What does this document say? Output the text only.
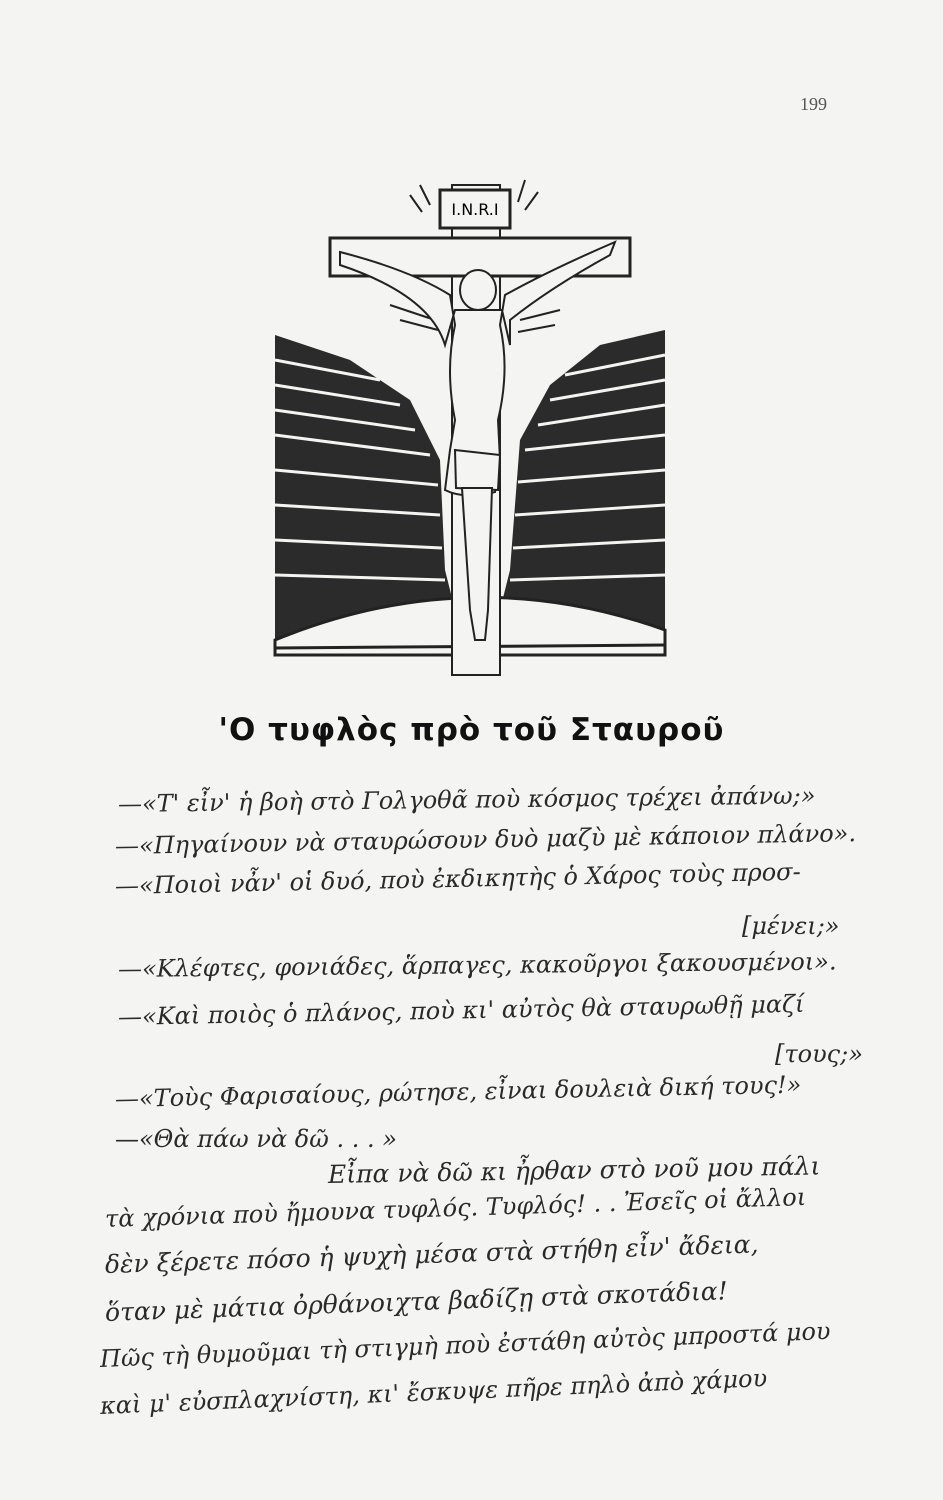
199
I.N.R.I
'Ο τυφλὸς πρὸ τοῦ Σταυροῦ
—«Τ' εἶν' ἡ βοὴ στὸ Γολγοθᾶ ποὺ κόσμος τρέχει ἀπάνω;»
—«Πηγαίνουν νὰ σταυρώσουν δυὸ μαζὺ μὲ κάποιον πλάνο».
—«Ποιοὶ νἆν' οἱ δυό, ποὺ ἐκδικητὴς ὁ Χάρος τοὺς προσ-
[μένει;»
—«Κλέφτες, φονιάδες, ἅρπαγες, κακοῦργοι ξακουσμένοι».
—«Καὶ ποιὸς ὁ πλάνος, ποὺ κι' αὐτὸς θὰ σταυρωθῇ μαζί
[τους;»
—«Τοὺς Φαρισαίους, ρώτησε, εἶναι δουλειὰ δική τους!»
—«Θὰ πάω νὰ δῶ . . . »
Εἶπα νὰ δῶ κι ἦρθαν στὸ νοῦ μου πάλι
τὰ χρόνια ποὺ ἤμουνα τυφλός. Τυφλός! . . Ἐσεῖς οἱ ἄλλοι
δὲν ξέρετε πόσο ἡ ψυχὴ μέσα στὰ στήθη εἶν' ἄδεια,
ὅταν μὲ μάτια ὀρθάνοιχτα βαδίζῃ στὰ σκοτάδια!
Πῶς τὴ θυμοῦμαι τὴ στιγμὴ ποὺ ἐστάθη αὐτὸς μπροστά μου
καὶ μ' εὐσπλαχνίστη, κι' ἔσκυψε πῆρε πηλὸ ἀπὸ χάμου
